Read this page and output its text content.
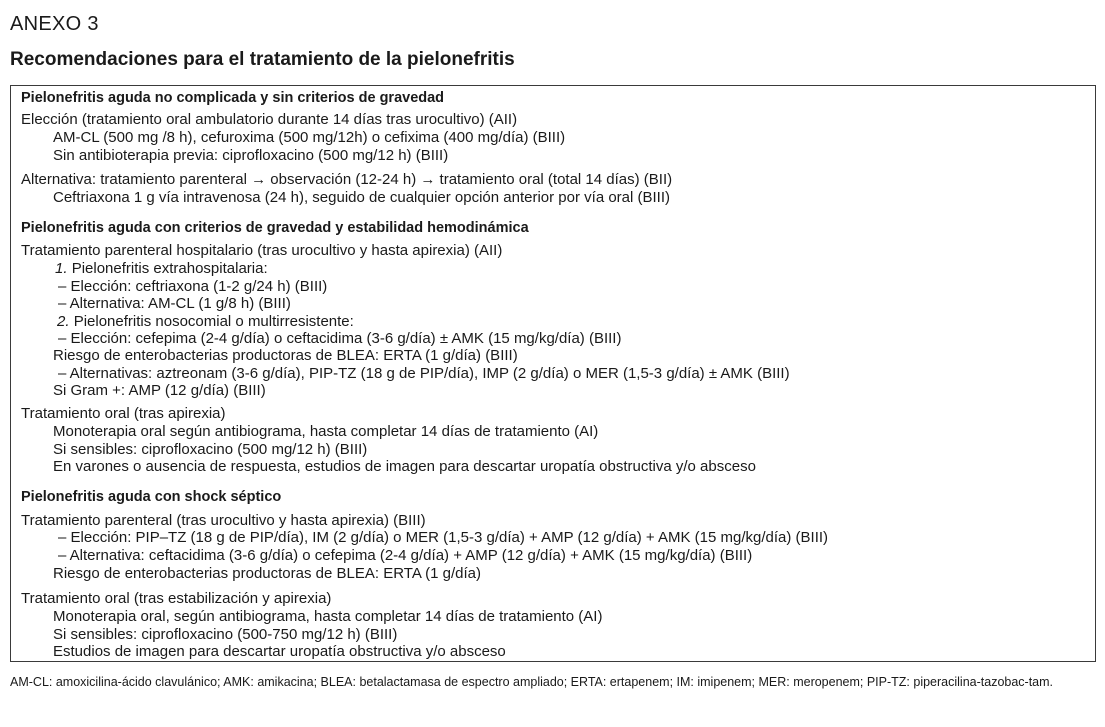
ANEXO 3
Recomendaciones para el tratamiento de la pielonefritis
Pielonefritis aguda no complicada y sin criterios de gravedad
Elección (tratamiento oral ambulatorio durante 14 días tras urocultivo) (AII)
AM-CL (500 mg /8 h), cefuroxima (500 mg/12h) o cefixima (400 mg/día) (BIII)
Sin antibioterapia previa: ciprofloxacino (500 mg/12 h) (BIII)
Alternativa: tratamiento parenteral → observación (12-24 h) → tratamiento oral (total 14 días) (BII)
Ceftriaxona 1 g vía intravenosa (24 h), seguido de cualquier opción anterior por vía oral (BIII)
Pielonefritis aguda con criterios de gravedad y estabilidad hemodinámica
Tratamiento parenteral hospitalario (tras urocultivo y hasta apirexia) (AII)
1. Pielonefritis extrahospitalaria:
– Elección: ceftriaxona (1-2 g/24 h) (BIII)
– Alternativa: AM-CL (1 g/8 h) (BIII)
2. Pielonefritis nosocomial o multirresistente:
– Elección: cefepima (2-4 g/día) o ceftacidima (3-6 g/día) ± AMK (15 mg/kg/día) (BIII)
Riesgo de enterobacterias productoras de BLEA: ERTA (1 g/día) (BIII)
– Alternativas: aztreonam (3-6 g/día), PIP-TZ (18 g de PIP/día), IMP (2 g/día) o MER (1,5-3 g/día) ± AMK (BIII)
Si Gram +: AMP (12 g/día) (BIII)
Tratamiento oral (tras apirexia)
Monoterapia oral según antibiograma, hasta completar 14 días de tratamiento (AI)
Si sensibles: ciprofloxacino (500 mg/12 h) (BIII)
En varones o ausencia de respuesta, estudios de imagen para descartar uropatía obstructiva y/o absceso
Pielonefritis aguda con shock séptico
Tratamiento parenteral (tras urocultivo y hasta apirexia) (BIII)
– Elección: PIP–TZ (18 g de PIP/día), IM (2 g/día) o MER (1,5-3 g/día) + AMP (12 g/día) + AMK (15 mg/kg/día) (BIII)
– Alternativa: ceftacidima (3-6 g/día) o cefepima (2-4 g/día) + AMP (12 g/día) + AMK (15 mg/kg/día) (BIII)
Riesgo de enterobacterias productoras de BLEA: ERTA (1 g/día)
Tratamiento oral (tras estabilización y apirexia)
Monoterapia oral, según antibiograma, hasta completar 14 días de tratamiento (AI)
Si sensibles: ciprofloxacino (500-750 mg/12 h) (BIII)
Estudios de imagen para descartar uropatía obstructiva y/o absceso
AM-CL: amoxicilina-ácido clavulánico; AMK: amikacina; BLEA: betalactamasa de espectro ampliado; ERTA: ertapenem; IM: imipenem; MER: meropenem; PIP-TZ: piperacilina-tazobac-tam.
